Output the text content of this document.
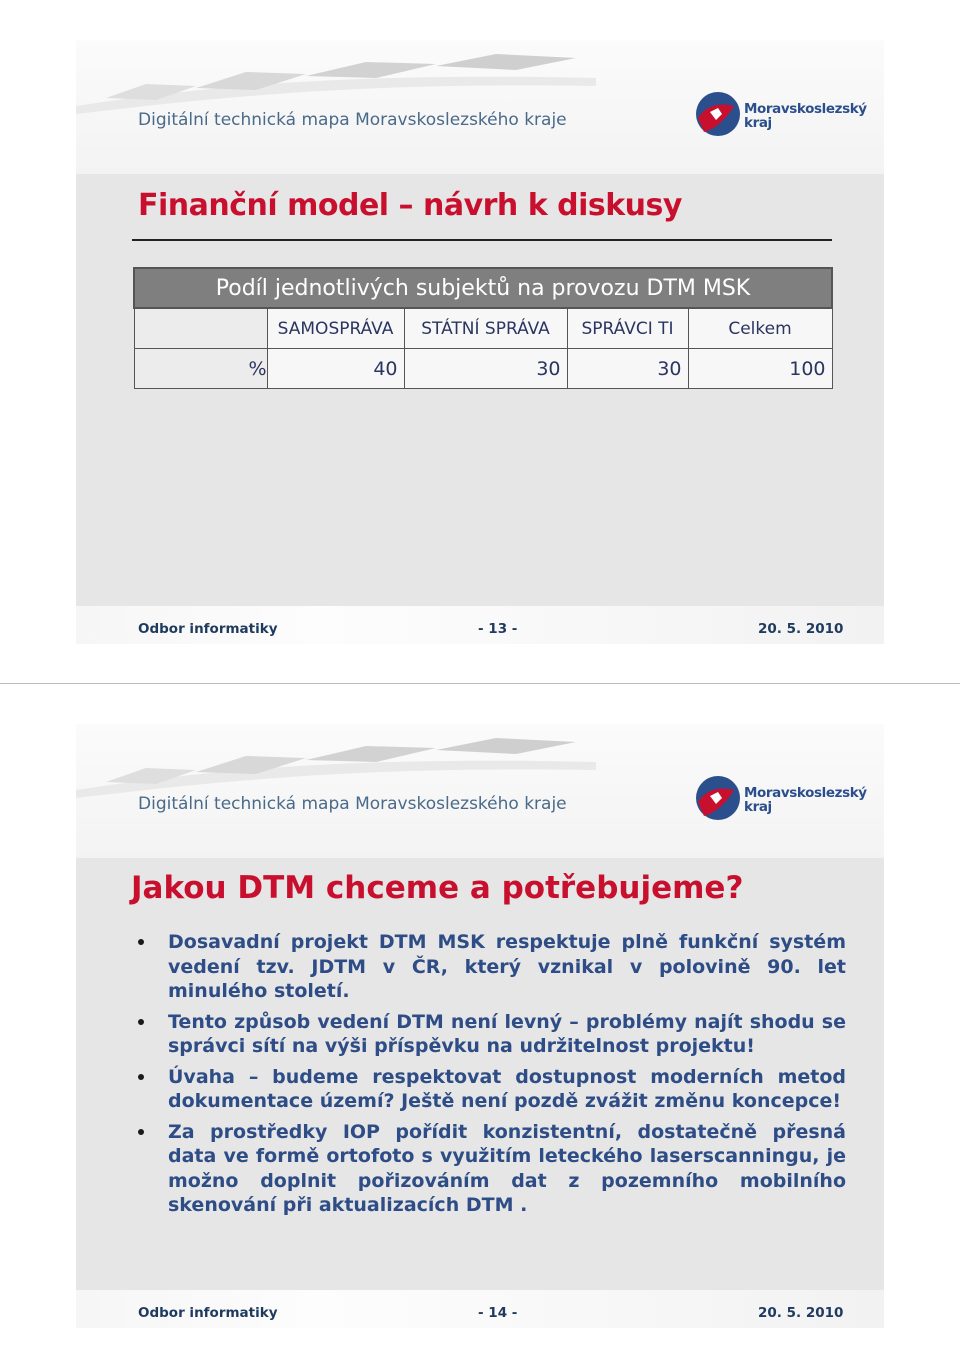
Digitální technická mapa Moravskoslezského kraje
Moravskoslezský
kraj
Finanční model – návrh k diskusy
Podíl jednotlivých subjektů na provozu DTM MSK				
	SAMOSPRÁVA	STÁTNÍ SPRÁVA	SPRÁVCI TI	Celkem
%	40	30	30	100
Odbor informatiky	- 13 -	20. 5. 2010
Digitální technická mapa Moravskoslezského kraje
Moravskoslezský
kraj
Jakou DTM chceme a potřebujeme?
Dosavadní projekt DTM MSK respektuje plně funkční systém vedení tzv. JDTM v ČR, který vznikal v polovině 90. let minulého století.
Tento způsob vedení DTM není levný – problémy najít shodu se správci sítí na výši příspěvku na udržitelnost projektu!
Úvaha – budeme respektovat dostupnost moderních metod dokumentace území? Ještě není pozdě zvážit změnu koncepce!
Za prostředky IOP pořídit konzistentní, dostatečně přesná data ve formě ortofoto s využitím leteckého laserscanningu, je možno doplnit pořizováním dat z pozemního mobilního skenování při aktualizacích DTM .
Odbor informatiky	- 14 -	20. 5. 2010
